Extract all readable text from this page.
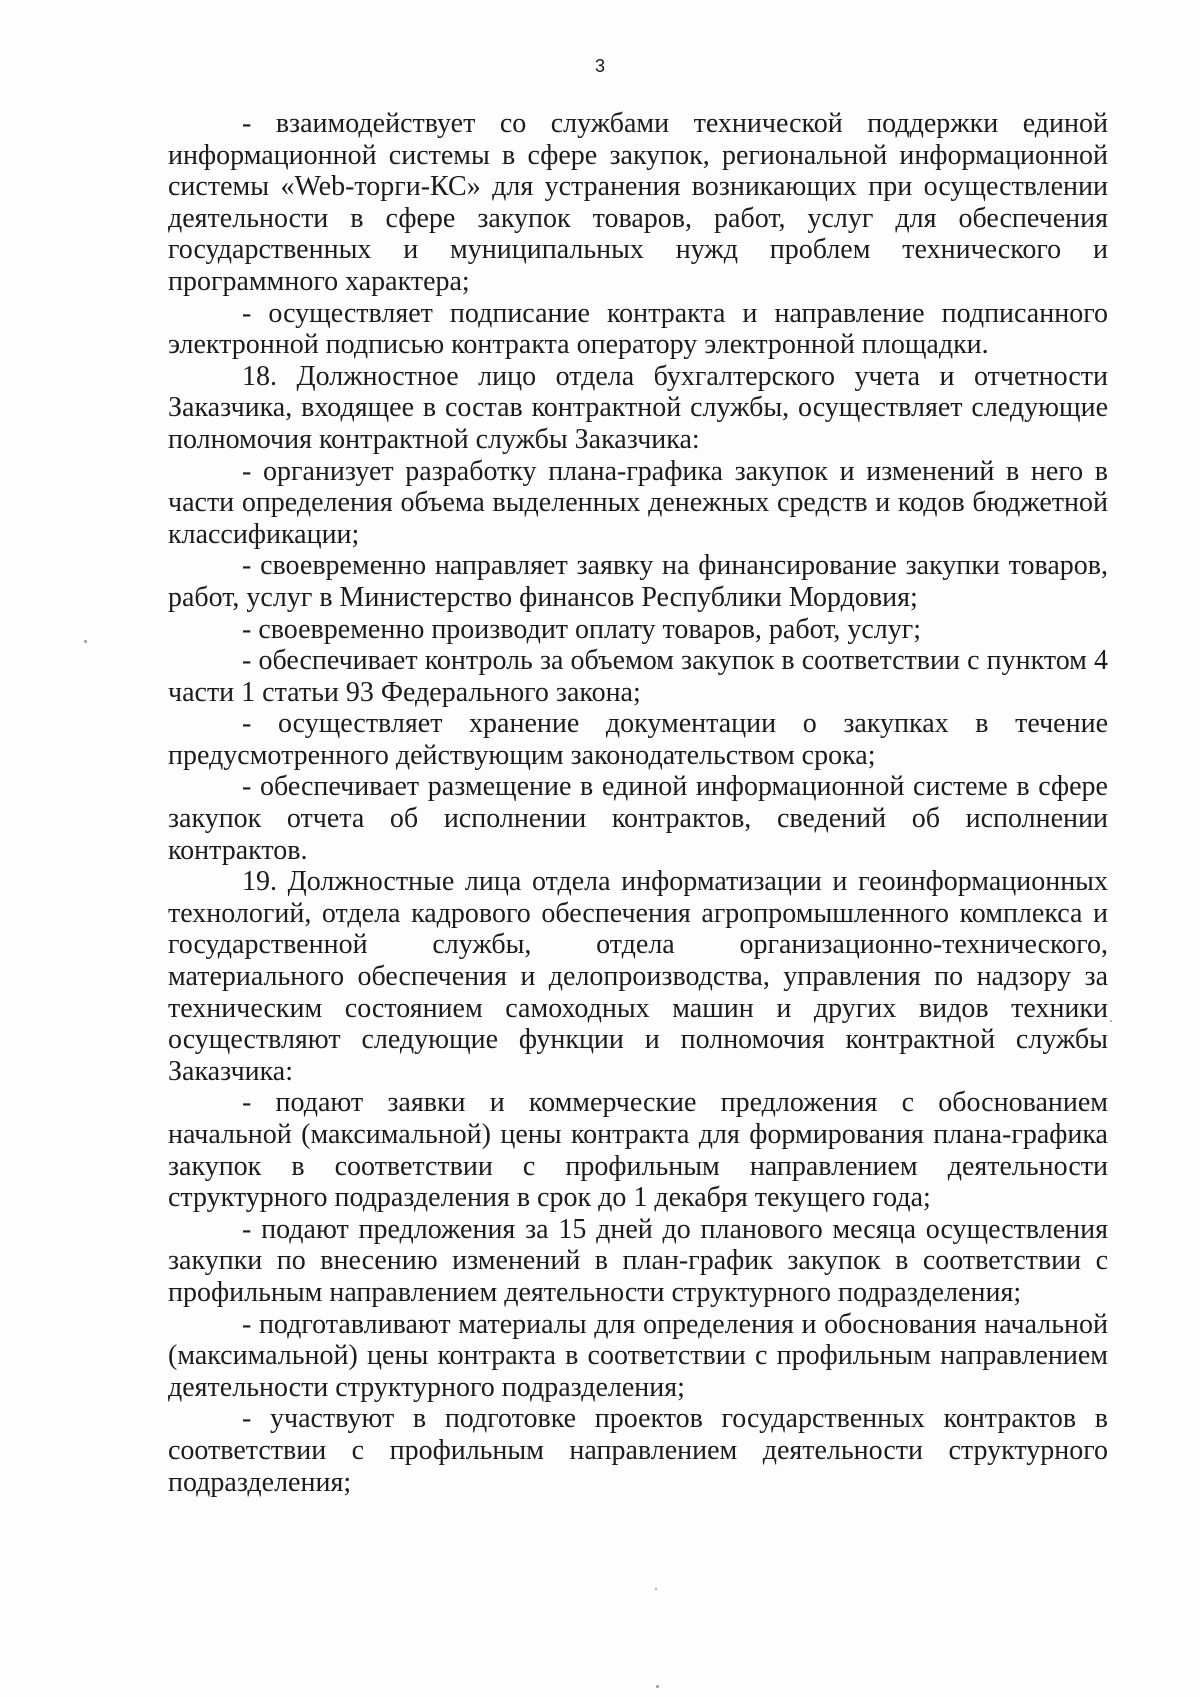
3

- взаимодействует со службами технической поддержки единой информационной системы в сфере закупок, региональной информационной системы «Web-торги-КС» для устранения возникающих при осуществлении деятельности в сфере закупок товаров, работ, услуг для обеспечения государственных и муниципальных нужд проблем технического и программного характера;

- осуществляет подписание контракта и направление подписанного электронной подписью контракта оператору электронной площадки.

18. Должностное лицо отдела бухгалтерского учета и отчетности Заказчика, входящее в состав контрактной службы, осуществляет следующие полномочия контрактной службы Заказчика:

- организует разработку плана-графика закупок и изменений в него в части определения объема выделенных денежных средств и кодов бюджетной классификации;

- своевременно направляет заявку на финансирование закупки товаров, работ, услуг в Министерство финансов Республики Мордовия;

- своевременно производит оплату товаров, работ, услуг;

- обеспечивает контроль за объемом закупок в соответствии с пунктом 4 части 1 статьи 93 Федерального закона;

- осуществляет хранение документации о закупках в течение предусмотренного действующим законодательством срока;

- обеспечивает размещение в единой информационной системе в сфере закупок отчета об исполнении контрактов, сведений об исполнении контрактов.

19. Должностные лица отдела информатизации и геоинформационных технологий, отдела кадрового обеспечения агропромышленного комплекса и государственной службы, отдела организационно-технического, материального обеспечения и делопроизводства, управления по надзору за техническим состоянием самоходных машин и других видов техники осуществляют следующие функции и полномочия контрактной службы Заказчика:

- подают заявки и коммерческие предложения с обоснованием начальной (максимальной) цены контракта для формирования плана-графика закупок в соответствии с профильным направлением деятельности структурного подразделения в срок до 1 декабря текущего года;

- подают предложения за 15 дней до планового месяца осуществления закупки по внесению изменений в план-график закупок в соответствии с профильным направлением деятельности структурного подразделения;

- подготавливают материалы для определения и обоснования начальной (максимальной) цены контракта в соответствии с профильным направлением деятельности структурного подразделения;

- участвуют в подготовке проектов государственных контрактов в соответствии с профильным направлением деятельности структурного подразделения;
